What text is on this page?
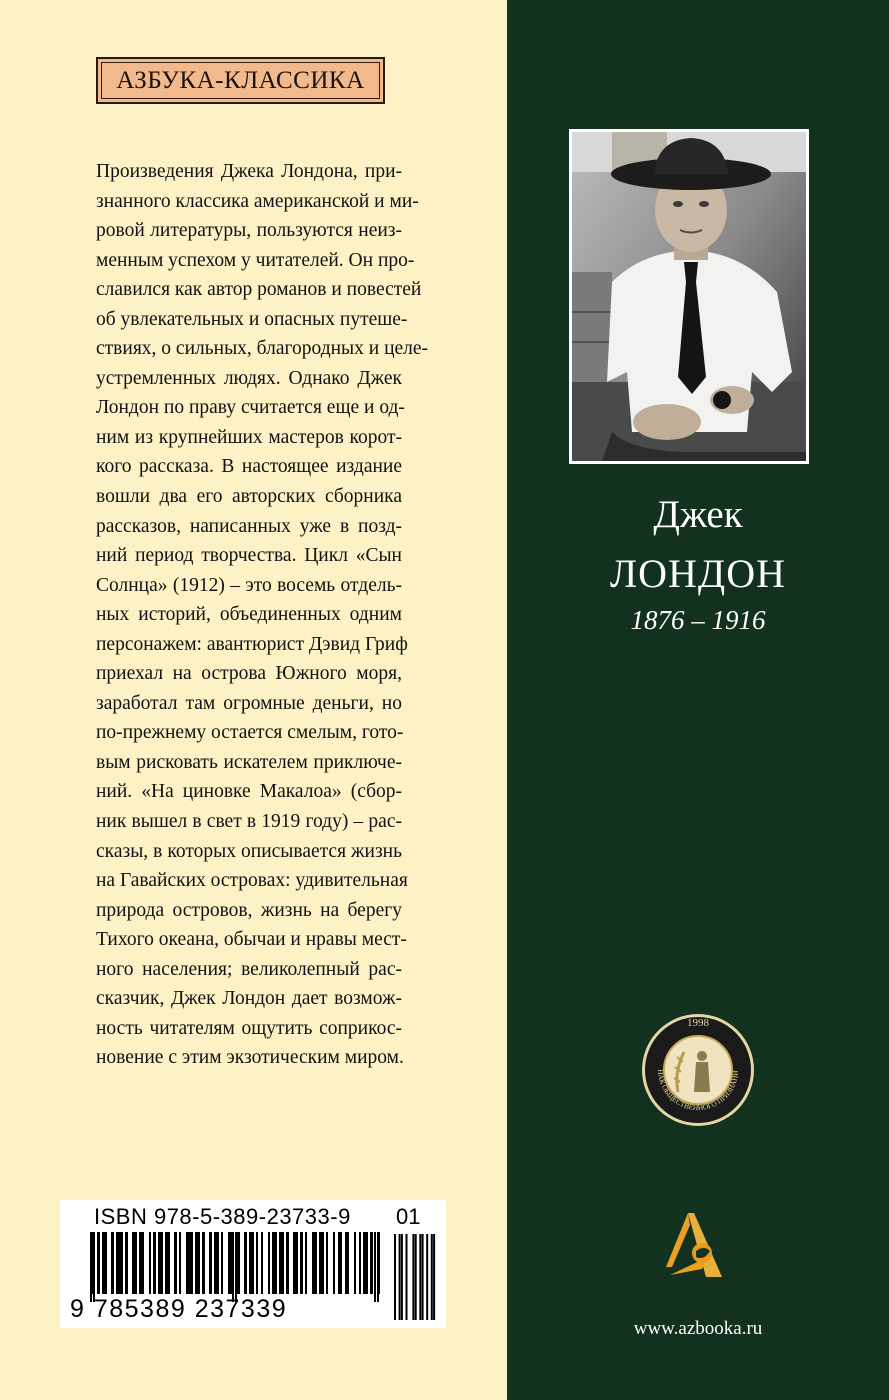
АЗБУКА-КЛАССИКА
Произведения Джека Лондона, при-
знанного классика американской и ми-
ровой литературы, пользуются неиз-
менным успехом у читателей. Он про-
славился как автор романов и повестей
об увлекательных и опасных путеше-
ствиях, о сильных, благородных и целе-
устремленных людях. Однако Джек
Лондон по праву считается еще и од-
ним из крупнейших мастеров корот-
кого рассказа. В настоящее издание
вошли два его авторских сборника
рассказов, написанных уже в позд-
ний период творчества. Цикл «Сын
Солнца» (1912) – это восемь отдель-
ных историй, объединенных одним
персонажем: авантюрист Дэвид Гриф
приехал на острова Южного моря,
заработал там огромные деньги, но
по-прежнему остается смелым, гото-
вым рисковать искателем приключе-
ний. «На циновке Макалоа» (сбор-
ник вышел в свет в 1919 году) – рас-
сказы, в которых описывается жизнь
на Гавайских островах: удивительная
природа островов, жизнь на берегу
Тихого океана, обычаи и нравы мест-
ного населения; великолепный рас-
сказчик, Джек Лондон дает возмож-
ность читателям ощутить соприкос-
новение с этим экзотическим миром.
ISBN 978-5-389-23733-9 01
9 785389 237339
Джек
ЛОНДОН
1876 – 1916
1998
НАК ОБЩЕСТВЕННОГО ПРИЗНАНИ
www.azbooka.ru
